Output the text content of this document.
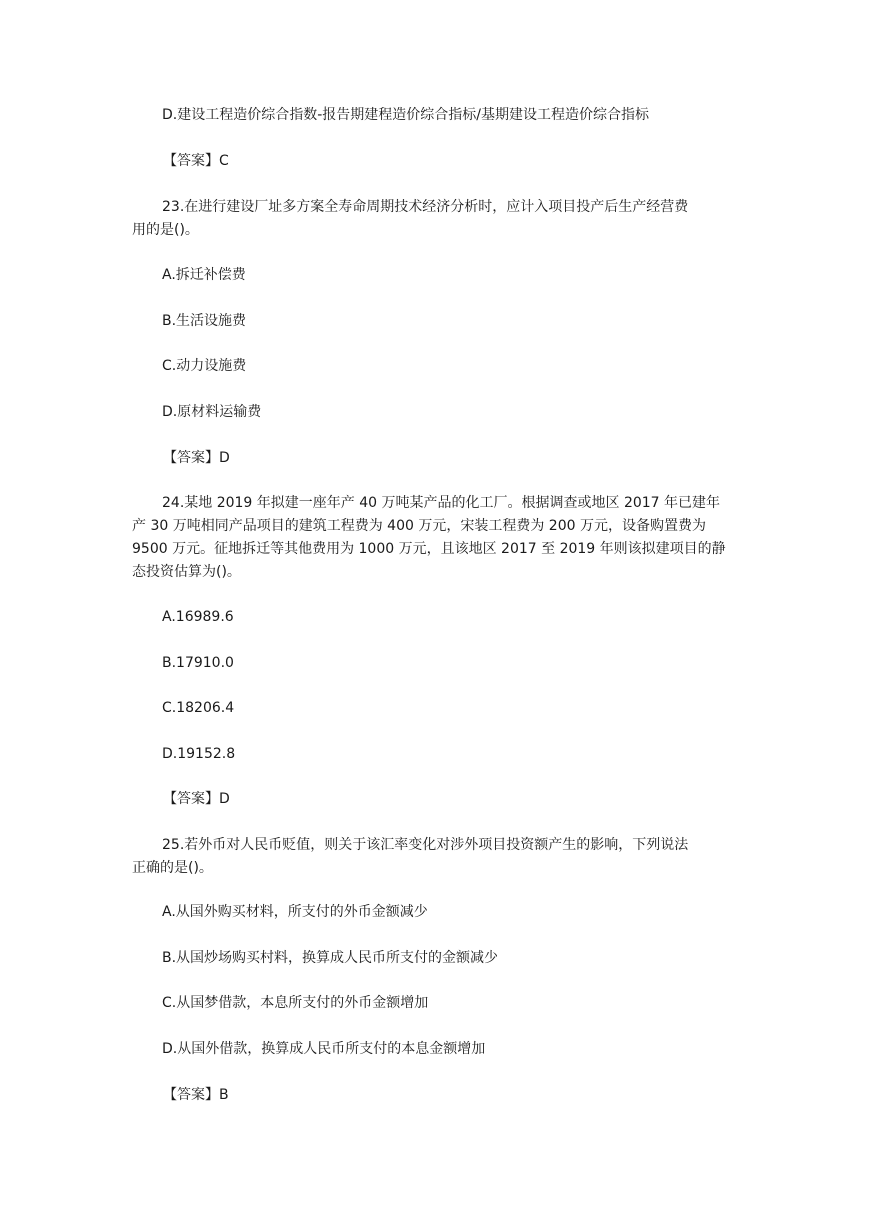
D.建设工程造价综合指数-报告期建程造价综合指标/基期建设工程造价综合指标
【答案】C
23.在进行建设厂址多方案全寿命周期技术经济分析时，应计入项目投产后生产经营费
用的是()。
A.拆迁补偿费
B.生活设施费
C.动力设施费
D.原材料运输费
【答案】D
24.某地 2019 年拟建一座年产 40 万吨某产品的化工厂。根据调查或地区 2017 年已建年
产 30 万吨相同产品项目的建筑工程费为 400 万元，宋装工程费为 200 万元，设备购置费为
9500 万元。征地拆迁等其他费用为 1000 万元，且该地区 2017 至 2019 年则该拟建项目的静
态投资估算为()。
A.16989.6
B.17910.0
C.18206.4
D.19152.8
【答案】D
25.若外币对人民币贬值，则关于该汇率变化对涉外项目投资额产生的影响，下列说法
正确的是()。
A.从国外购买材料，所支付的外币金额减少
B.从国炒场购买村料，换算成人民币所支付的金额减少
C.从国梦借款，本息所支付的外币金额增加
D.从国外借款，换算成人民币所支付的本息金额增加
【答案】B
